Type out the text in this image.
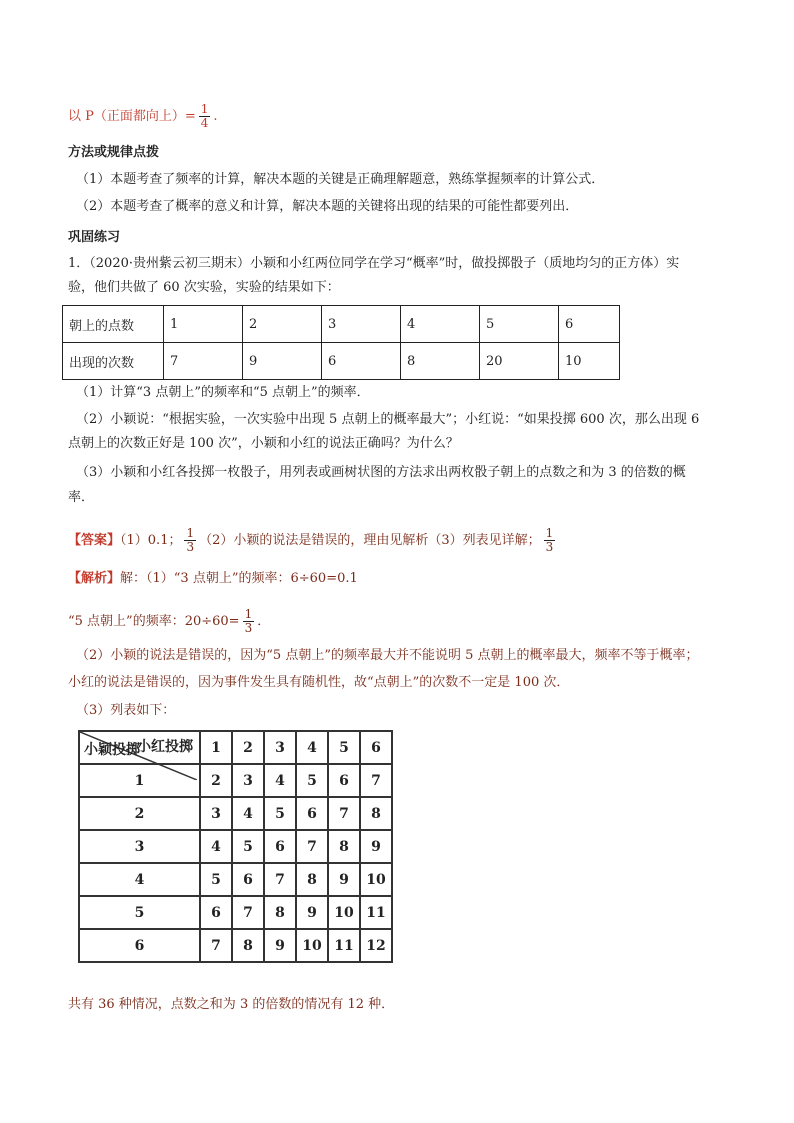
以 P（正面都向上）= $\frac{1}{4}$ .
方法或规律点拨
（1）本题考查了频率的计算，解决本题的关键是正确理解题意，熟练掌握频率的计算公式．
（2）本题考查了概率的意义和计算，解决本题的关键将出现的结果的可能性都要列出．
巩固练习
1．（2020·贵州紫云初三期末）小颖和小红两位同学在学习“概率”时，做投掷骰子（质地均匀的正方体）实
验，他们共做了 60 次实验，实验的结果如下：
朝上的点数	1	2	3	4	5	6
出现的次数	7	9	6	8	20	10
（1）计算“3 点朝上”的频率和“5 点朝上”的频率．
（2）小颖说：“根据实验，一次实验中出现 5 点朝上的概率最大”；小红说：“如果投掷 600 次，那么出现 6
点朝上的次数正好是 100 次”，小颖和小红的说法正确吗？为什么？
（3）小颖和小红各投掷一枚骰子，用列表或画树状图的方法求出两枚骰子朝上的点数之和为 3 的倍数的概
率．
【答案】（1）0.1； $\frac{1}{3} (2)$小颖的说法是错误的，理由见解析（3）列表见详解； $\frac{1}{3}$
【解析】解：（1）“3 点朝上”的频率：6÷60=0.1
“5 点朝上”的频率：$20\div 60= \frac{1}{3}$ ．
（2）小颖的说法是错误的，因为“5 点朝上”的频率最大并不能说明 5 点朝上的概率最大，频率不等于概率；
小红的说法是错误的，因为事件发生具有随机性，故“点朝上”的次数不一定是 100 次．
（3）列表如下：
小红投掷
小颖投掷	1	2	3	4	5	6
1	2	3	4	5	6	7
2	3	4	5	6	7	8
3	4	5	6	7	8	9
4	5	6	7	8	9	10
5	6	7	8	9	10	11
6	7	8	9	10	11	12
共有 36 种情况，点数之和为 3 的倍数的情况有 12 种．
